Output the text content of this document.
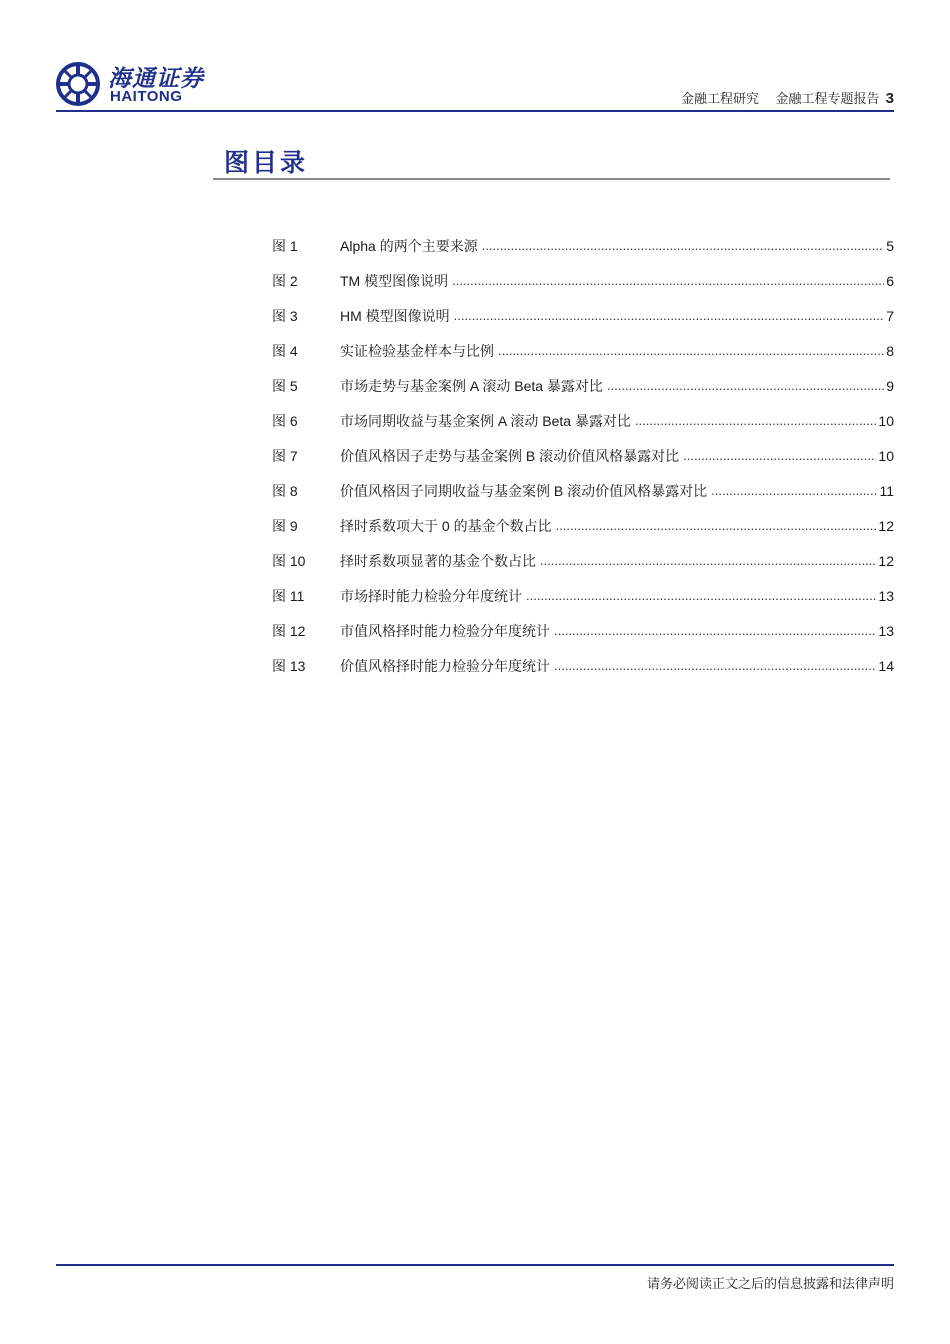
海通证券
HAITONG	金融工程研究 金融工程专题报告 3
图目录
图 1	Alpha 的两个主要来源 .....	5
图 2	TM 模型图像说明 .....	6
图 3	HM 模型图像说明 .....	7
图 4	实证检验基金样本与比例 .....	8
图 5	市场走势与基金案例 A 滚动 Beta 暴露对比 .....	9
图 6	市场同期收益与基金案例 A 滚动 Beta 暴露对比 .....	10
图 7	价值风格因子走势与基金案例 B 滚动价值风格暴露对比 .....	10
图 8	价值风格因子同期收益与基金案例 B 滚动价值风格暴露对比 .....	11
图 9	择时系数项大于 0 的基金个数占比 .....	12
图 10	择时系数项显著的基金个数占比 .....	12
图 11	市场择时能力检验分年度统计 .....	13
图 12	市值风格择时能力检验分年度统计 .....	13
图 13	价值风格择时能力检验分年度统计 .....	14
请务必阅读正文之后的信息披露和法律声明
